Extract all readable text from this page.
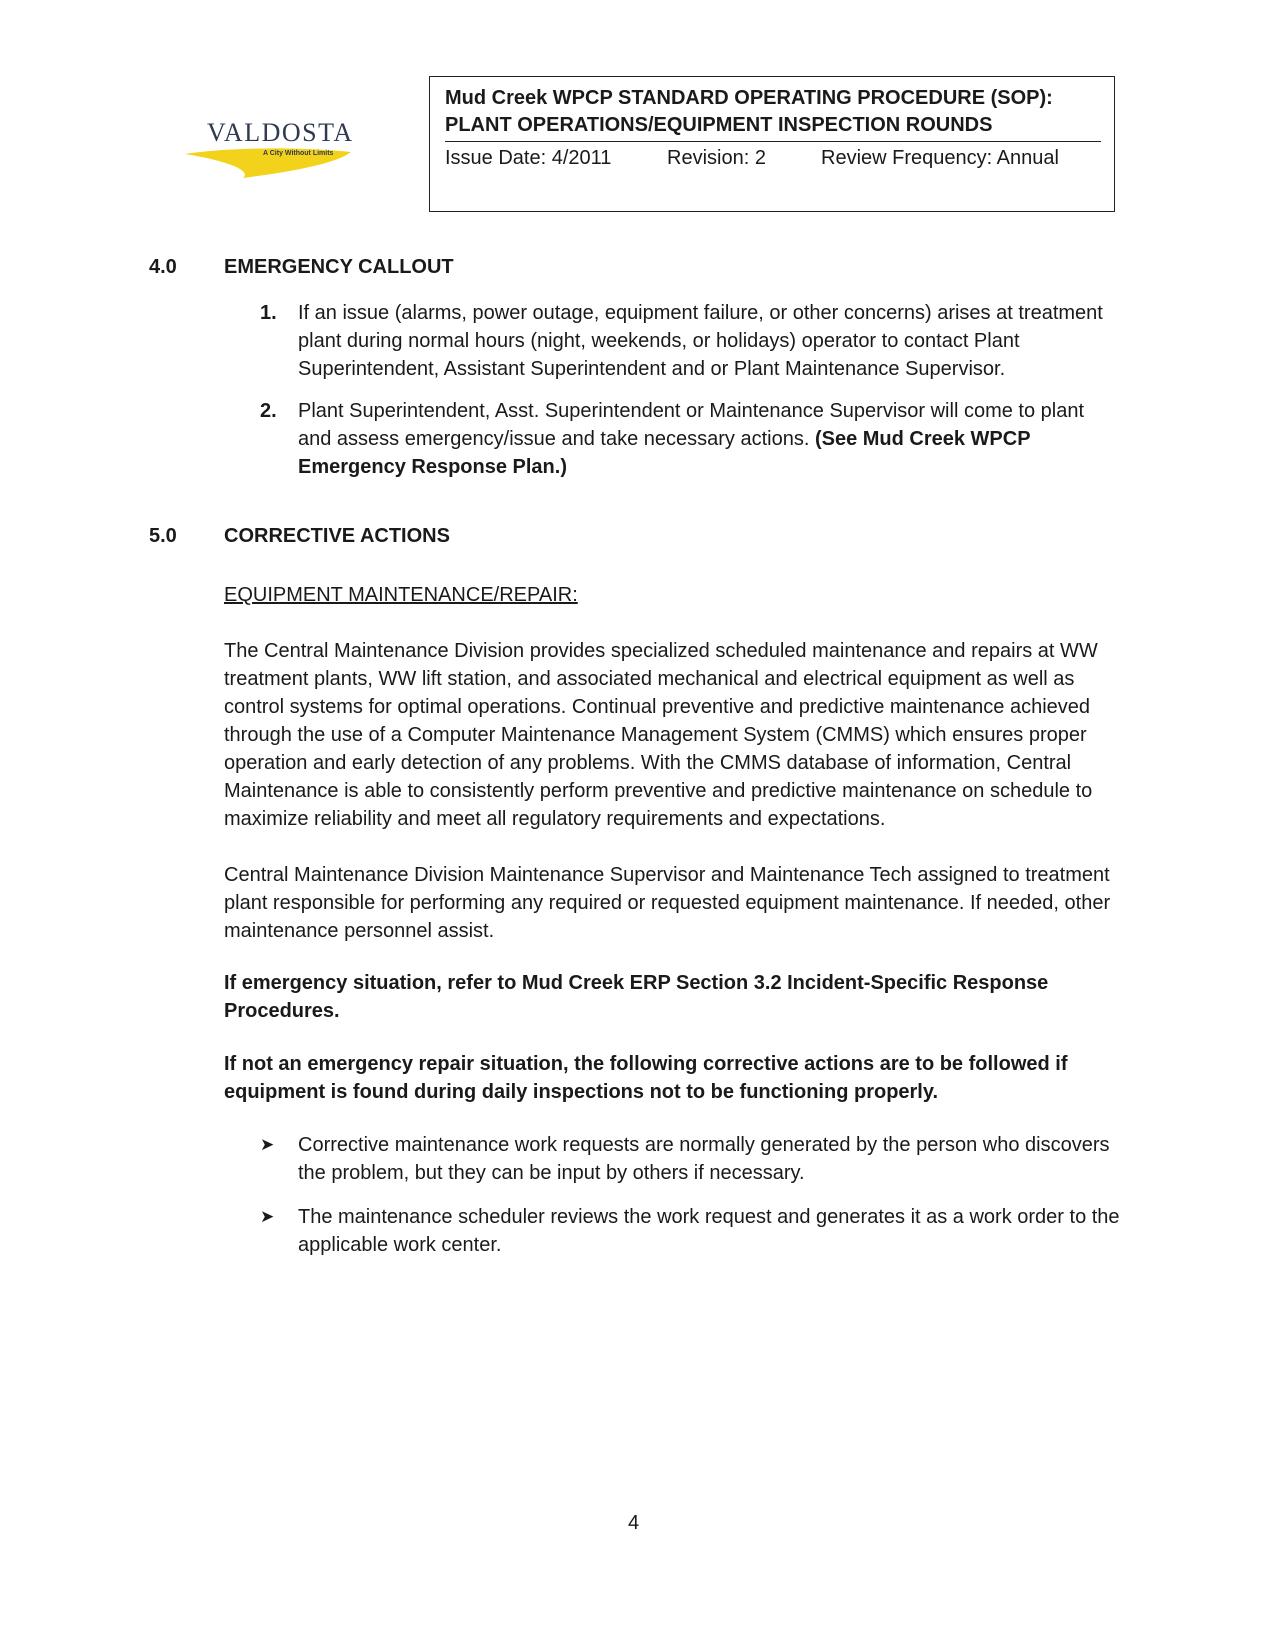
VALDOSTA
A City Without Limits
Mud Creek WPCP STANDARD OPERATING PROCEDURE (SOP):
PLANT OPERATIONS/EQUIPMENT INSPECTION ROUNDS
Issue Date: 4/2011	Revision: 2	Review Frequency: Annual
4.0 EMERGENCY CALLOUT
1. If an issue (alarms, power outage, equipment failure, or other concerns) arises at treatment plant during normal hours (night, weekends, or holidays) operator to contact Plant Superintendent, Assistant Superintendent and or Plant Maintenance Supervisor.
2. Plant Superintendent, Asst. Superintendent or Maintenance Supervisor will come to plant and assess emergency/issue and take necessary actions. (See Mud Creek WPCP Emergency Response Plan.)
5.0 CORRECTIVE ACTIONS
EQUIPMENT MAINTENANCE/REPAIR:
The Central Maintenance Division provides specialized scheduled maintenance and repairs at WW treatment plants, WW lift station, and associated mechanical and electrical equipment as well as control systems for optimal operations. Continual preventive and predictive maintenance achieved through the use of a Computer Maintenance Management System (CMMS) which ensures proper operation and early detection of any problems. With the CMMS database of information, Central Maintenance is able to consistently perform preventive and predictive maintenance on schedule to maximize reliability and meet all regulatory requirements and expectations.
Central Maintenance Division Maintenance Supervisor and Maintenance Tech assigned to treatment plant responsible for performing any required or requested equipment maintenance. If needed, other maintenance personnel assist.
If emergency situation, refer to Mud Creek ERP Section 3.2 Incident-Specific Response Procedures.
If not an emergency repair situation, the following corrective actions are to be followed if equipment is found during daily inspections not to be functioning properly.
➤ Corrective maintenance work requests are normally generated by the person who discovers the problem, but they can be input by others if necessary.
➤ The maintenance scheduler reviews the work request and generates it as a work order to the applicable work center.
4
